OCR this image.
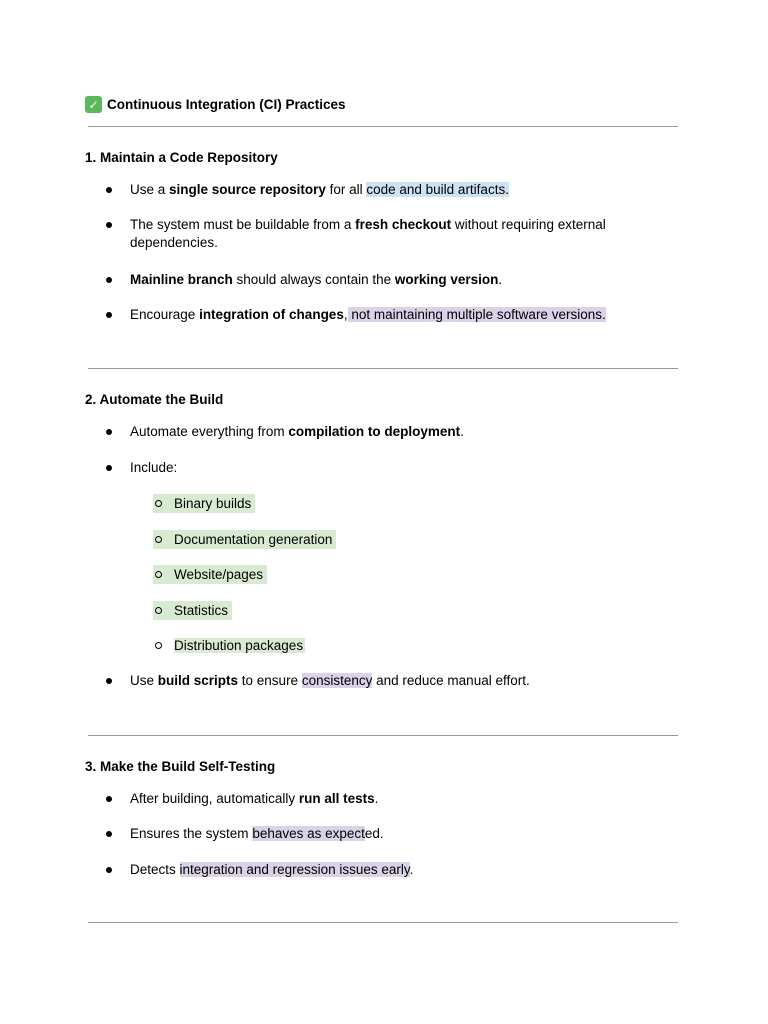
✓ Continuous Integration (CI) Practices
1. Maintain a Code Repository
Use a single source repository for all code and build artifacts.
The system must be buildable from a fresh checkout without requiring external dependencies.
Mainline branch should always contain the working version.
Encourage integration of changes, not maintaining multiple software versions.
2. Automate the Build
Automate everything from compilation to deployment.
Include:
Binary builds
Documentation generation
Website/pages
Statistics
Distribution packages
Use build scripts to ensure consistency and reduce manual effort.
3. Make the Build Self-Testing
After building, automatically run all tests.
Ensures the system behaves as expected.
Detects integration and regression issues early.
